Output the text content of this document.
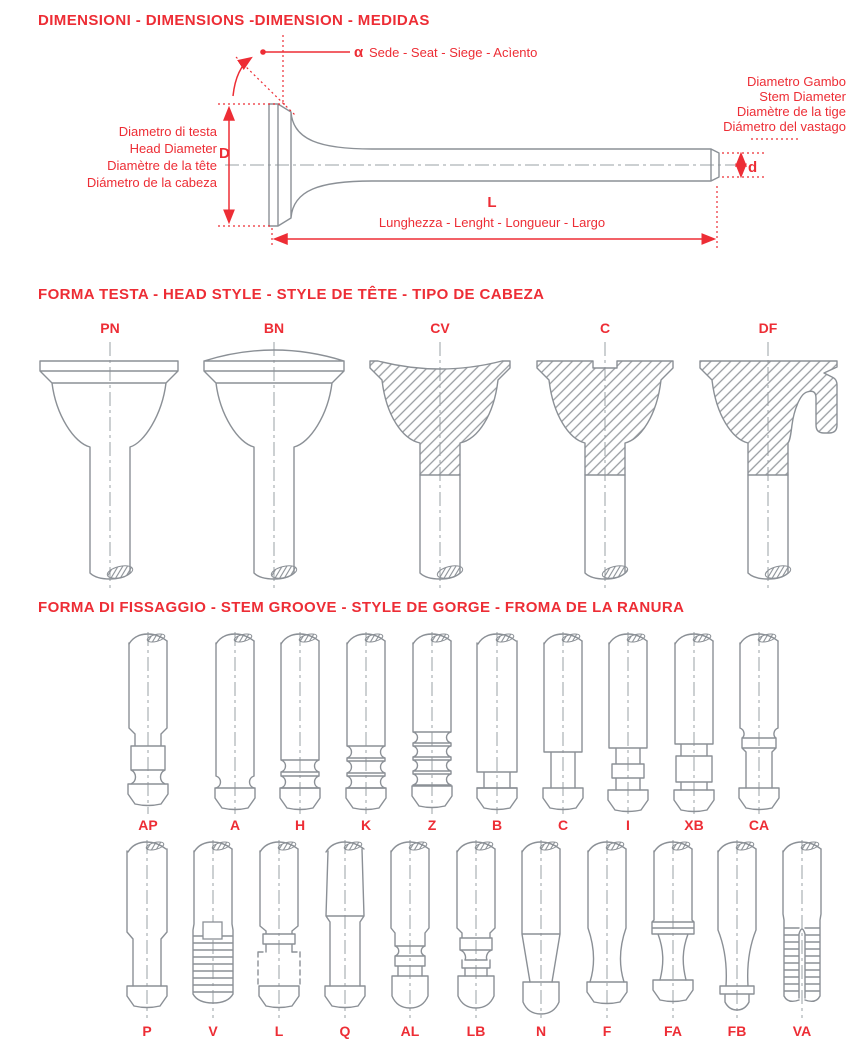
DIMENSIONI - DIMENSIONS -DIMENSION - MEDIDAS
FORMA TESTA - HEAD STYLE - STYLE DE TÊTE - TIPO DE CABEZA
FORMA DI FISSAGGIO - STEM GROOVE - STYLE DE GORGE - FROMA DE LA RANURA
α Sede - Seat - Siege - Acìento
Diametro di testa
Head Diameter
Diamètre de la tête
Diámetro de la cabeza
D
Diametro Gambo
Stem Diameter
Diamètre de la tige
Diámetro del vastago
d
L
Lunghezza - Lenght - Longueur - Largo
PN	BN	CV	C	DF
AP	A	H	K	Z	B	C	I	XB	CA
P	V	L	Q	AL	LB	N	F	FA	FB	VA
